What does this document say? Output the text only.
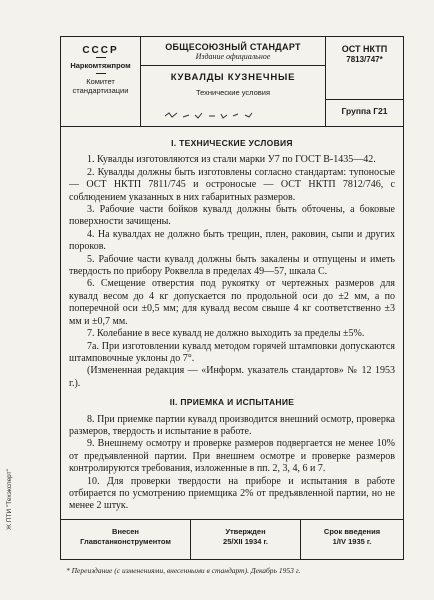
СССР
Наркомтяжпром
Комитет
стандартизации
ОБЩЕСОЮЗНЫЙ СТАНДАРТ
Издание официальное
КУВАЛДЫ КУЗНЕЧНЫЕ
Технические условия
ОСТ НКТП
7813/747*
Группа Г21
I. ТЕХНИЧЕСКИЕ УСЛОВИЯ

1. Кувалды изготовляются из стали марки У7 по ГОСТ В-1435—42.

2. Кувалды должны быть изготовлены согласно стандартам: тупоносые — ОСТ НКТП 7811/745 и остроносые — ОСТ НКТП 7812/746, с соблюдением указанных в них габаритных размеров.

3. Рабочие части бойков кувалд должны быть обточены, а боковые поверхности зачищены.

4. На кувалдах не должно быть трещин, плен, раковин, сыпи и других пороков.

5. Рабочие части кувалд должны быть закалены и отпущены и иметь твердость по прибору Роквелла в пределах 49—57, шкала С.

6. Смещение отверстия под рукоятку от чертежных размеров для кувалд весом до 4 кг допускается по продольной оси до ±2 мм, а по поперечной оси ±0,5 мм; для кувалд весом свыше 4 кг соответственно ±3 мм и ±0,7 мм.

7. Колебание в весе кувалд не должно выходить за пределы ±5%.

7а. При изготовлении кувалд методом горячей штамповки допускаются штамповочные уклоны до 7°.

(Измененная редакция — «Информ. указатель стандартов» № 12 1953 г.).

II. ПРИЕМКА И ИСПЫТАНИЕ

8. При приемке партии кувалд производится внешний осмотр, проверка размеров, твердость и испытание в работе.

9. Внешнему осмотру и проверке размеров подвергается не менее 10% от предъявленной партии. При внешнем осмотре и проверке размеров контролируются требования, изложенные в пп. 2, 3, 4, 6 и 7.

10. Для проверки твердости на приборе и испытания в работе отбирается по усмотрению приемщика 2% от предъявленной партии, но не менее 2 штук.

Внесен
Главстанконструментом
Утвержден
25/XII 1934 г.
Срок введения
1/IV 1935 г.
* Переиздание (с изменениями, внесенными в стандарт). Декабрь 1953 г.
Ж ПТИ "Техэксперт"
